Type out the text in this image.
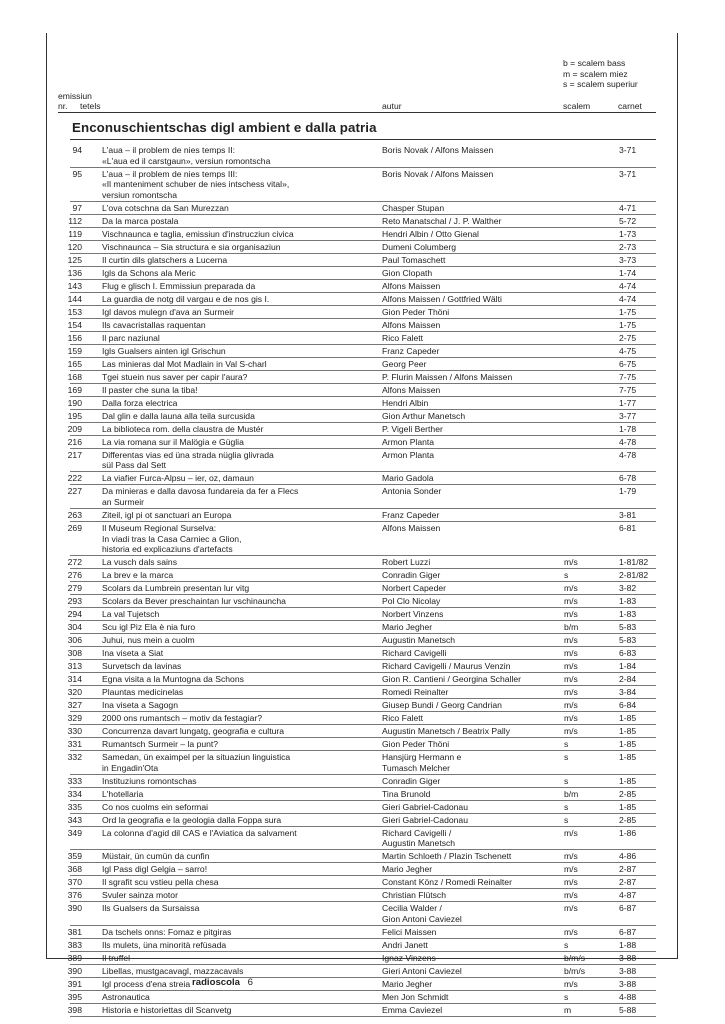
b = scalem bass
m = scalem miez
s = scalem superiur
emissiun
nr. tetels	autur	scalem	carnet
Enconuschientschas digl ambient e dalla patria
94 L'aua – il problem de nies temps II:
«L'aua ed il carstgaun», versiun romontscha
Boris Novak / Alfons Maissen	3-71
95 L'aua – il problem de nies temps III:
«Il manteniment schuber de nies intschess vital»,
versiun romontscha
Boris Novak / Alfons Maissen	3-71
97 L'ova cotschna da San Murezzan	Chasper Stupan	4-71
112 Da la marca postala	Reto Manatschal / J. P. Walther	5-72
119 Vischnaunca e taglia, emissiun d'instrucziun civica	Hendri Albin / Otto Gienal	1-73
120 Vischnaunca – Sia structura e sia organisaziun	Dumeni Columberg	2-73
125 Il curtin dils glatschers a Lucerna	Paul Tomaschett	3-73
136 Igls da Schons ala Meric	Gion Clopath	1-74
143 Flug e glisch I. Emmissiun preparada da	Alfons Maissen	4-74
144 La guardia de notg dil vargau e de nos gis I.	Alfons Maissen / Gottfried Wälti	4-74
153 Igl davos mulegn d'ava an Surmeir	Gion Peder Thöni	1-75
154 Ils cavacristallas raquentan	Alfons Maissen	1-75
156 Il parc naziunal	Rico Falett	2-75
159 Igls Gualsers ainten igl Grischun	Franz Capeder	4-75
165 Las minieras dal Mot Madlain in Val S-charl	Georg Peer	6-75
168 Tgei stuein nus saver per capir l'aura?	P. Flurin Maissen / Alfons Maissen	7-75
169 Il paster che suna la tiba!	Alfons Maissen	7-75
190 Dalla forza electrica	Hendri Albin	1-77
195 Dal glin e dalla launa alla teila surcusida	Gion Arthur Manetsch	3-77
209 La biblioteca rom. della claustra de Mustér	P. Vigeli Berther	1-78
216 La via romana sur il Malögia e Güglia	Armon Planta	4-78
217 Differentas vias ed üna strada nüglia glivrada
sül Pass dal Sett
Armon Planta	4-78
222 La viafier Furca-Alpsu – ier, oz, damaun	Mario Gadola	6-78
227 Da minieras e dalla davosa fundareia da fer a Flecs
an Surmeir
Antonia Sonder	1-79
263 Ziteil, igl pi ot sanctuari an Europa	Franz Capeder	3-81
269 Il Museum Regional Surselva:
In viadi tras la Casa Carniec a Glion,
historia ed explicaziuns d'artefacts
Alfons Maissen	6-81
272 La vusch dals sains	Robert Luzzi	m/s	1-81/82
276 La brev e la marca	Conradin Giger	s	2-81/82
279 Scolars da Lumbrein presentan lur vitg	Norbert Capeder	m/s	3-82
293 Scolars da Bever preschaintan lur vschinauncha	Pol Clo Nicolay	m/s	1-83
294 La val Tujetsch	Norbert Vinzens	m/s	1-83
304 Scu igl Piz Ela è nia furo	Mario Jegher	b/m	5-83
306 Juhui, nus mein a cuolm	Augustin Manetsch	m/s	5-83
308 Ina viseta a Siat	Richard Cavigelli	m/s	6-83
313 Survetsch da lavinas	Richard Cavigelli / Maurus Venzin	m/s	1-84
314 Egna visita a la Muntogna da Schons	Gion R. Cantieni / Georgina Schaller	m/s	2-84
320 Plauntas medicinelas	Romedi Reinalter	m/s	3-84
327 Ina viseta a Sagogn	Giusep Bundi / Georg Candrian	m/s	6-84
329 2000 ons rumantsch – motiv da festagiar?	Rico Falett	m/s	1-85
330 Concurrenza davart lungatg, geografia e cultura	Augustin Manetsch / Beatrix Pally	m/s	1-85
331 Rumantsch Surmeir – la punt?	Gion Peder Thöni	s	1-85
332 Samedan, ün exaimpel per la situaziun linguistica
in Engadin'Ota
Hansjürg Hermann e
Tumasch Melcher
s	1-85
333 Instituziuns romontschas	Conradin Giger	s	1-85
334 L'hotellaria	Tina Brunold	b/m	2-85
335 Co nos cuolms ein seformai	Gieri Gabriel-Cadonau	s	1-85
343 Ord la geografia e la geologia dalla Foppa sura	Gieri Gabriel-Cadonau	s	2-85
349 La colonna d'agid dil CAS e l'Aviatica da salvament	Richard Cavigelli /
Augustin Manetsch
m/s	1-86
359 Müstair, ün cumün da cunfin	Martin Schloeth / Plazin Tschenett	m/s	4-86
368 Igl Pass digl Gelgia – sarro!	Mario Jegher	m/s	2-87
370 Il sgrafit scu vstieu pella chesa	Constant Könz / Romedi Reinalter	m/s	2-87
376 Svuler sainza motor	Christian Flütsch	m/s	4-87
390 Ils Gualsers da Sursaissa	Cecilia Walder /
Gion Antoni Caviezel
m/s	6-87
381 Da tschels onns: Fomaz e pitgiras	Felici Maissen	m/s	6-87
383 Ils mulets, üna minorità refüsada	Andri Janett	s	1-88
389 Il truffel	Ignaz Vinzens	b/m/s	3-88
390 Libellas, mustgacavagl, mazzacavals	Gieri Antoni Caviezel	b/m/s	3-88
391 Igl process d'ena streia	Mario Jegher	m/s	3-88
395 Astronautica	Men Jon Schmidt	s	4-88
398 Historia e historiettas dil Scanvetg	Emma Caviezel	m	5-88
radioscola 6
